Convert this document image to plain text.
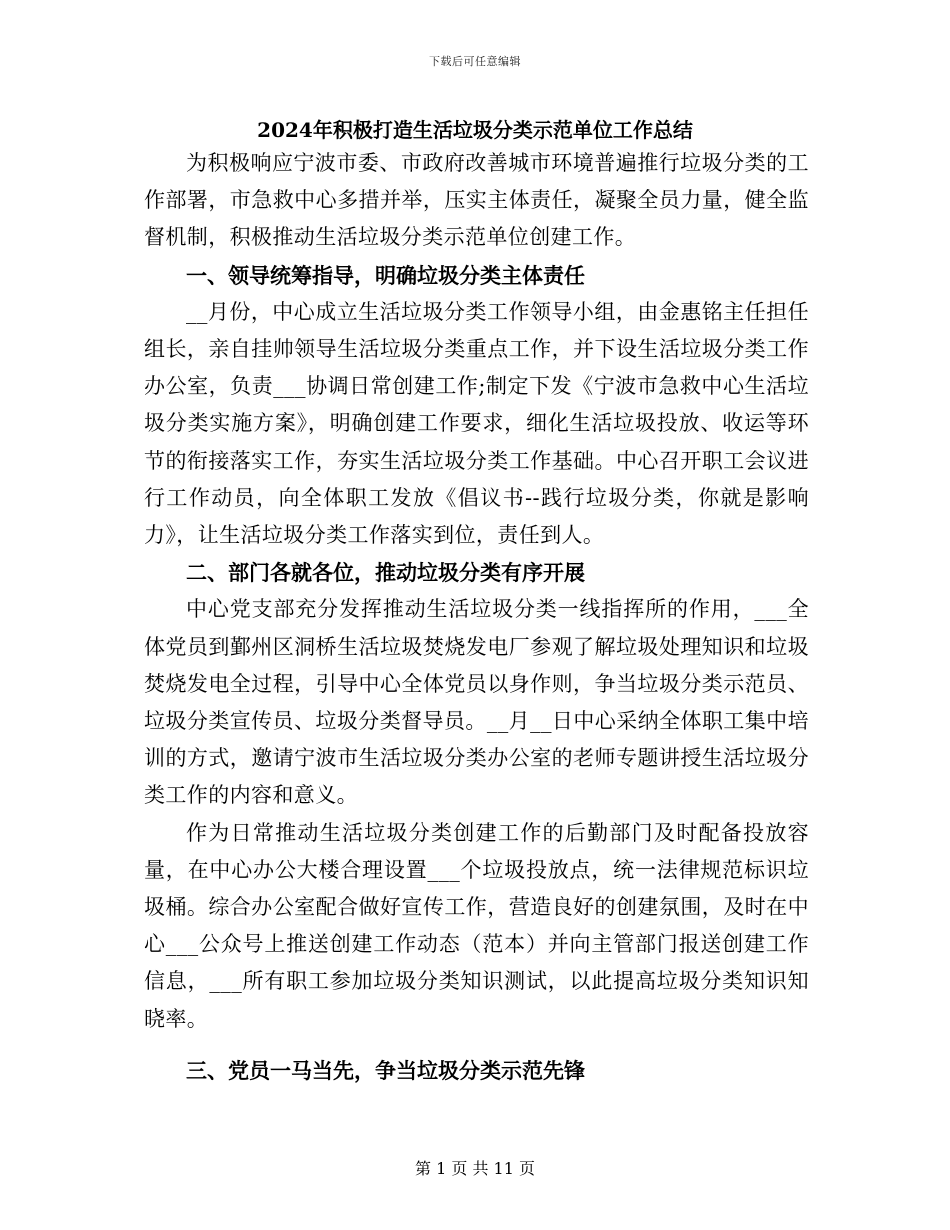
下载后可任意编辑
2024年积极打造生活垃圾分类示范单位工作总结

为积极响应宁波市委、市政府改善城市环境普遍推行垃圾分类的工作部署，市急救中心多措并举，压实主体责任，凝聚全员力量，健全监督机制，积极推动生活垃圾分类示范单位创建工作。

一、领导统筹指导，明确垃圾分类主体责任

__月份，中心成立生活垃圾分类工作领导小组，由金惠铭主任担任组长，亲自挂帅领导生活垃圾分类重点工作，并下设生活垃圾分类工作办公室，负责___协调日常创建工作;制定下发《宁波市急救中心生活垃圾分类实施方案》，明确创建工作要求，细化生活垃圾投放、收运等环节的衔接落实工作，夯实生活垃圾分类工作基础。中心召开职工会议进行工作动员，向全体职工发放《倡议书--践行垃圾分类，你就是影响力》，让生活垃圾分类工作落实到位，责任到人。

二、部门各就各位，推动垃圾分类有序开展

中心党支部充分发挥推动生活垃圾分类一线指挥所的作用，___全体党员到鄞州区洞桥生活垃圾焚烧发电厂参观了解垃圾处理知识和垃圾焚烧发电全过程，引导中心全体党员以身作则，争当垃圾分类示范员、垃圾分类宣传员、垃圾分类督导员。__月__日中心采纳全体职工集中培训的方式，邀请宁波市生活垃圾分类办公室的老师专题讲授生活垃圾分类工作的内容和意义。

作为日常推动生活垃圾分类创建工作的后勤部门及时配备投放容量，在中心办公大楼合理设置___个垃圾投放点，统一法律规范标识垃圾桶。综合办公室配合做好宣传工作，营造良好的创建氛围，及时在中心___公众号上推送创建工作动态（范本）并向主管部门报送创建工作信息，___所有职工参加垃圾分类知识测试，以此提高垃圾分类知识知晓率。

三、党员一马当先，争当垃圾分类示范先锋

第 1 页 共 11 页
